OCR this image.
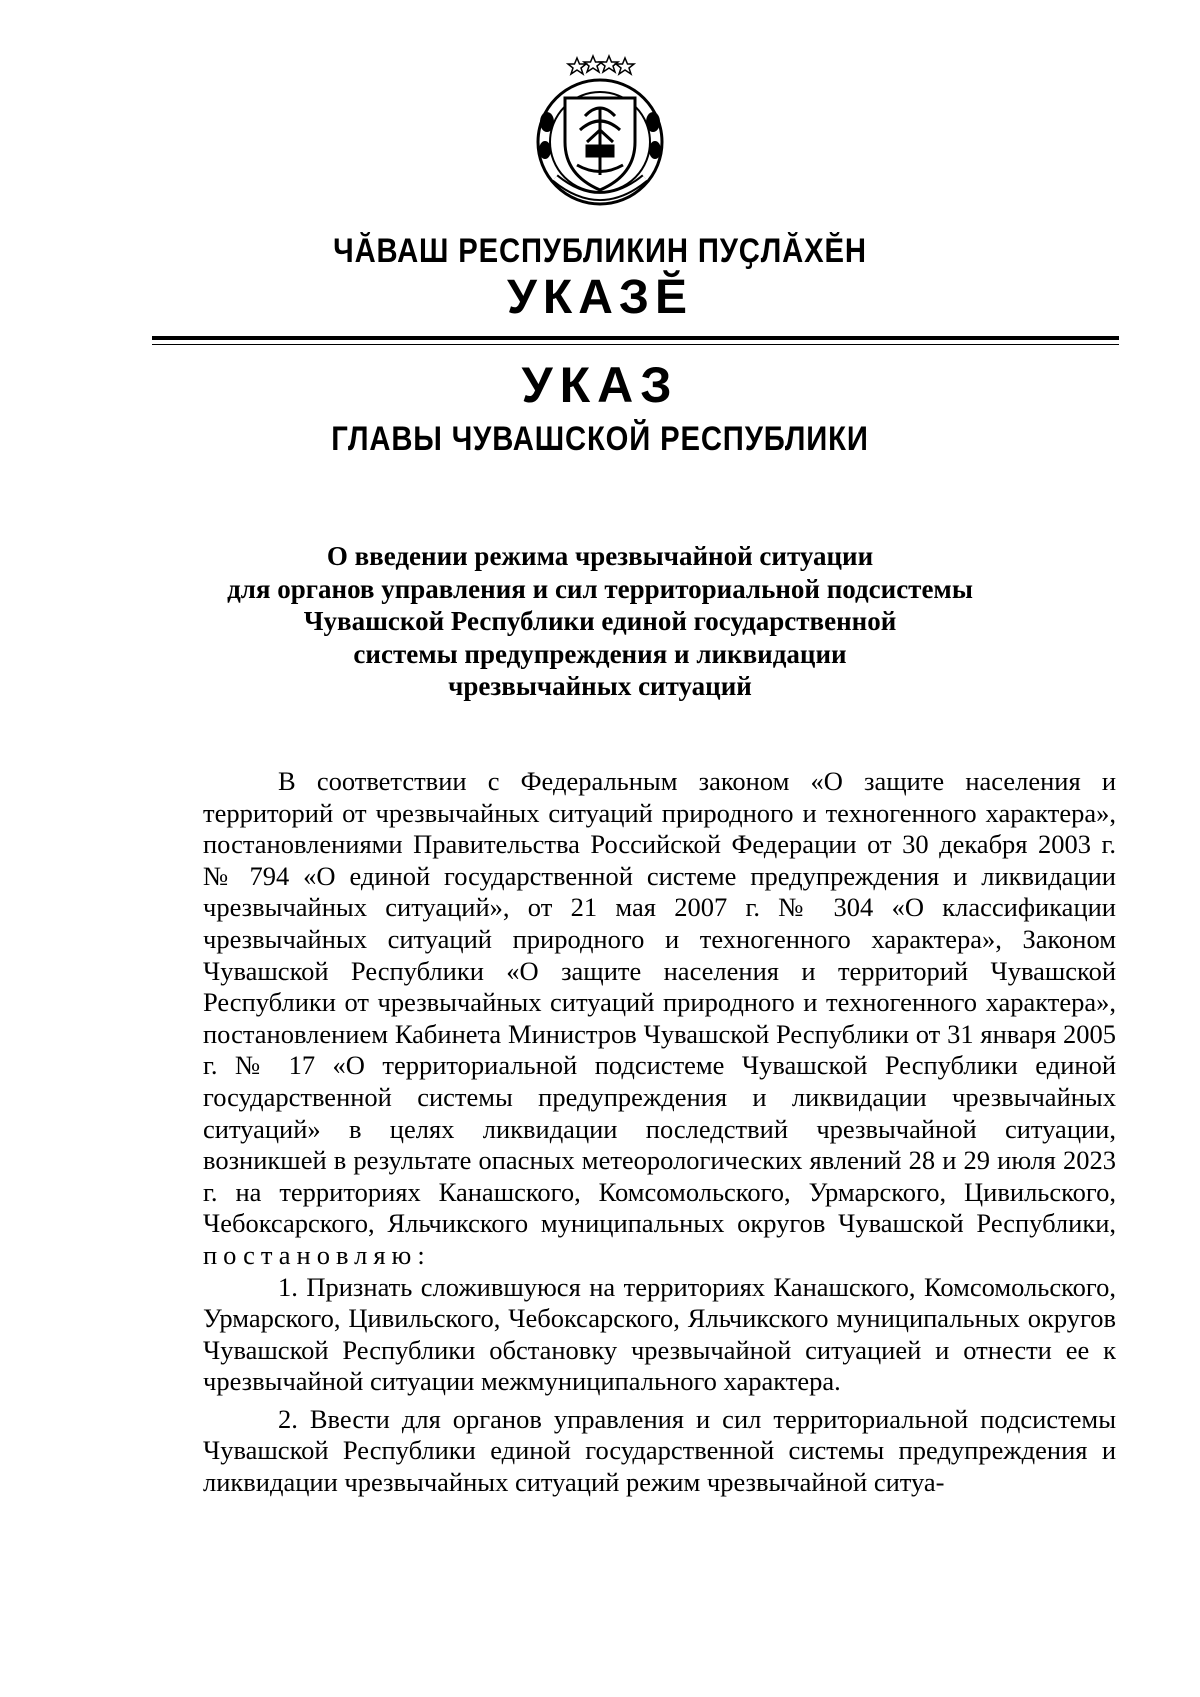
ЧӐВАШ РЕСПУБЛИКИН ПУҪЛӐХӖН
УКАЗӖ
УКАЗ
ГЛАВЫ ЧУВАШСКОЙ РЕСПУБЛИКИ
О введении режима чрезвычайной ситуации
для органов управления и сил территориальной подсистемы
Чувашской Республики единой государственной
системы предупреждения и ликвидации
чрезвычайных ситуаций

В соответствии с Федеральным законом «О защите населения и территорий от чрезвычайных ситуаций природного и техногенного характера», постановлениями Правительства Российской Федерации от 30 декабря 2003 г. № 794 «О единой государственной системе предупреждения и ликвидации чрезвычайных ситуаций», от 21 мая 2007 г. № 304 «О классификации чрезвычайных ситуаций природного и техногенного характера», Законом Чувашской Республики «О защите населения и территорий Чувашской Республики от чрезвычайных ситуаций природного и техногенного характера», постановлением Кабинета Министров Чувашской Республики от 31 января 2005 г. № 17 «О территориальной подсистеме Чувашской Республики единой государственной системы предупреждения и ликвидации чрезвычайных ситуаций» в целях ликвидации последствий чрезвычайной ситуации, возникшей в результате опасных метеорологических явлений 28 и 29 июля 2023 г. на территориях Канашского, Комсомольского, Урмарского, Цивильского, Чебоксарского, Яльчикского муниципальных округов Чувашской Республики, постановляю:

1. Признать сложившуюся на территориях Канашского, Комсомольского, Урмарского, Цивильского, Чебоксарского, Яльчикского муниципальных округов Чувашской Республики обстановку чрезвычайной ситуацией и отнести ее к чрезвычайной ситуации межмуниципального характера.

2. Ввести для органов управления и сил территориальной подсистемы Чувашской Республики единой государственной системы предупреждения и ликвидации чрезвычайных ситуаций режим чрезвычайной ситуа-
